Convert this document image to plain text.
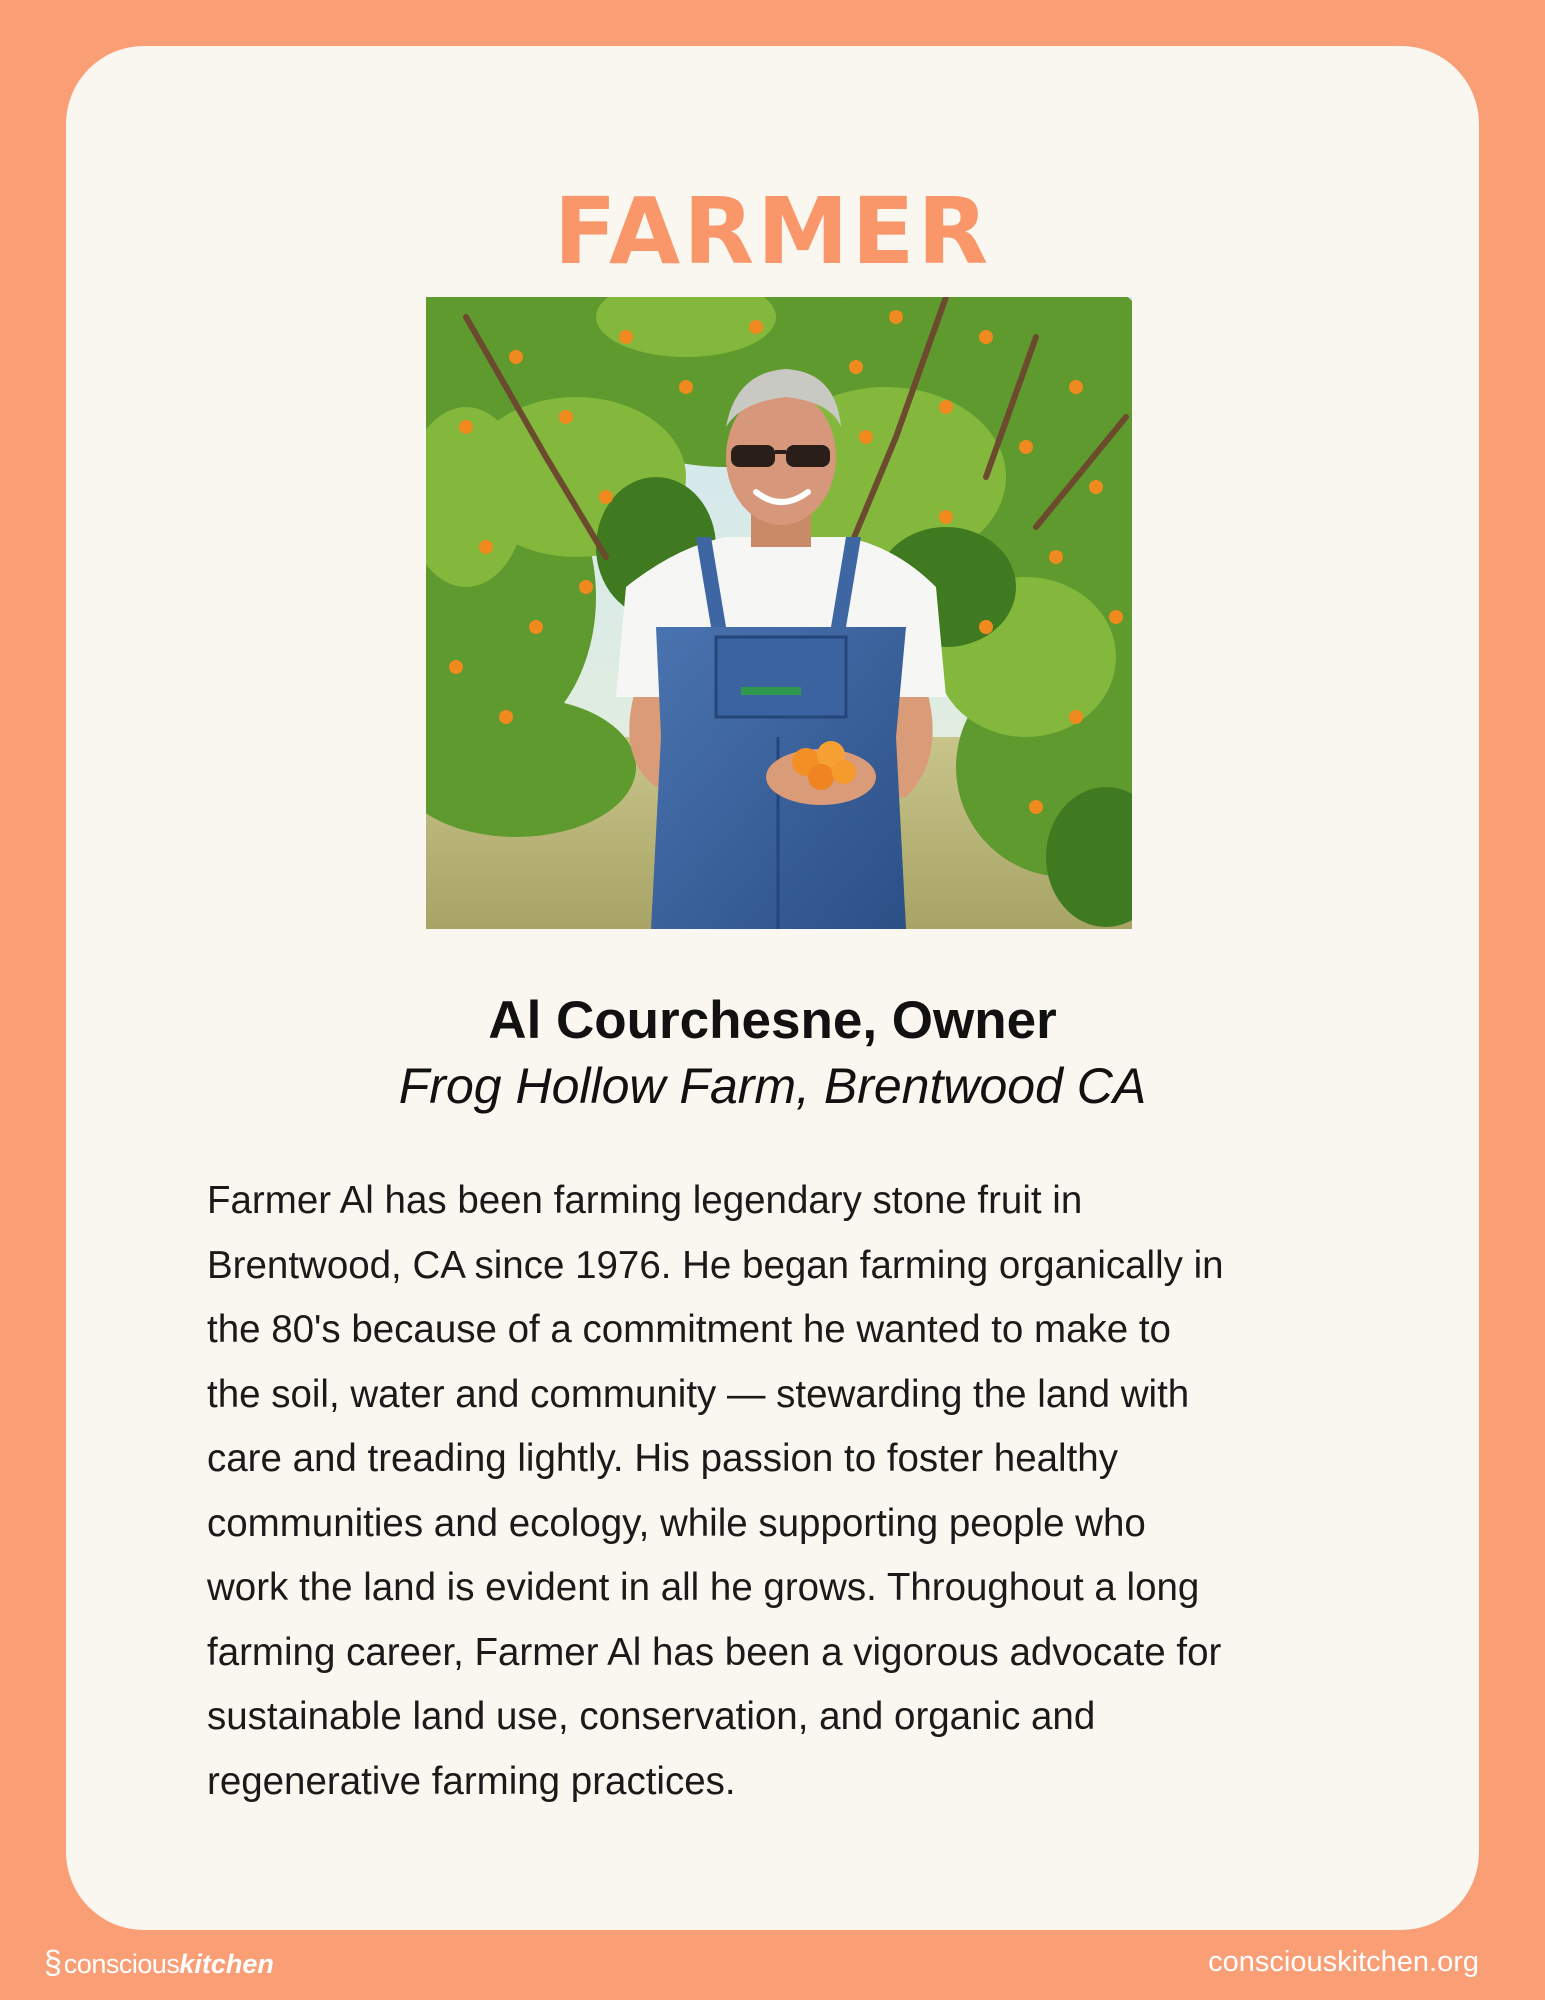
FARMER
Al Courchesne, Owner
Frog Hollow Farm, Brentwood CA
Farmer Al has been farming legendary stone fruit in
Brentwood, CA since 1976. He began farming organically in
the 80's because of a commitment he wanted to make to
the soil, water and community — stewarding the land with
care and treading lightly. His passion to foster healthy
communities and ecology, while supporting people who
work the land is evident in all he grows. Throughout a long
farming career, Farmer Al has been a vigorous advocate for
sustainable land use, conservation, and organic and
regenerative farming practices.
§ conscious kitchen	consciouskitchen.org
